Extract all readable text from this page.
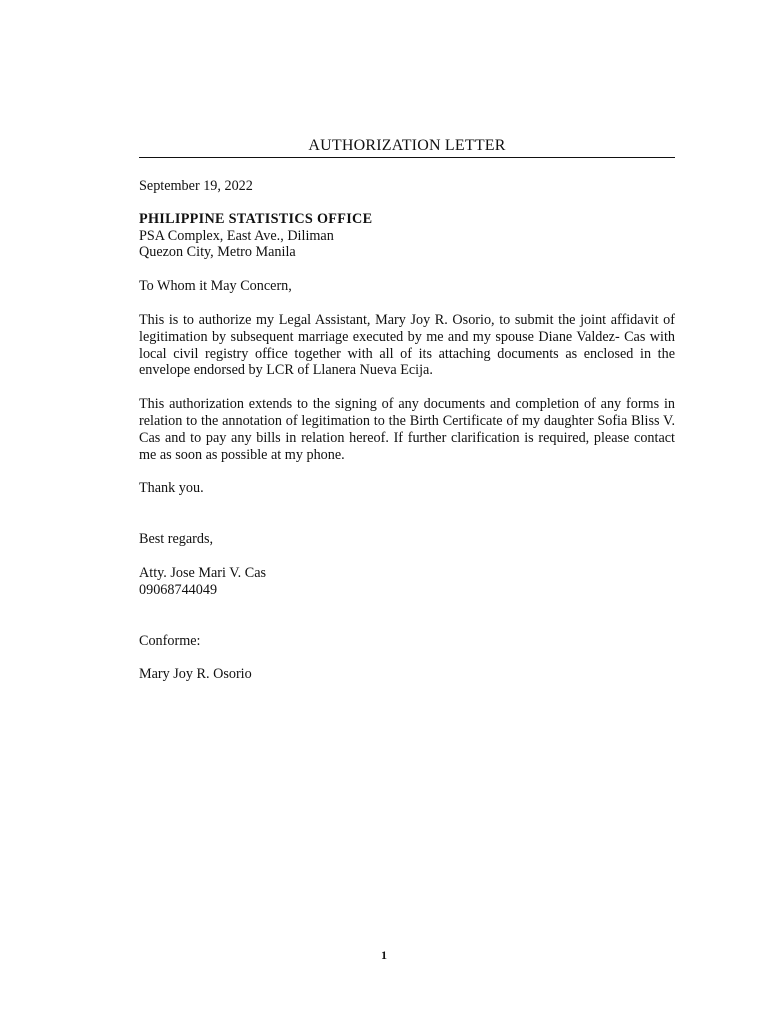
AUTHORIZATION LETTER
September 19, 2022
PHILIPPINE STATISTICS OFFICE
PSA Complex, East Ave., Diliman
Quezon City, Metro Manila
To Whom it May Concern,

This is to authorize my Legal Assistant, Mary Joy R. Osorio, to submit the joint affidavit of legitimation by subsequent marriage executed by me and my spouse Diane Valdez- Cas with local civil registry office together with all of its attaching documents as enclosed in the envelope endorsed by LCR of Llanera Nueva Ecija.

This authorization extends to the signing of any documents and completion of any forms in relation to the annotation of legitimation to the Birth Certificate of my daughter Sofia Bliss V. Cas and to pay any bills in relation hereof. If further clarification is required, please contact me as soon as possible at my phone.

Thank you.
Best regards,
Atty. Jose Mari V. Cas
09068744049
Conforme:
Mary Joy R. Osorio
1
